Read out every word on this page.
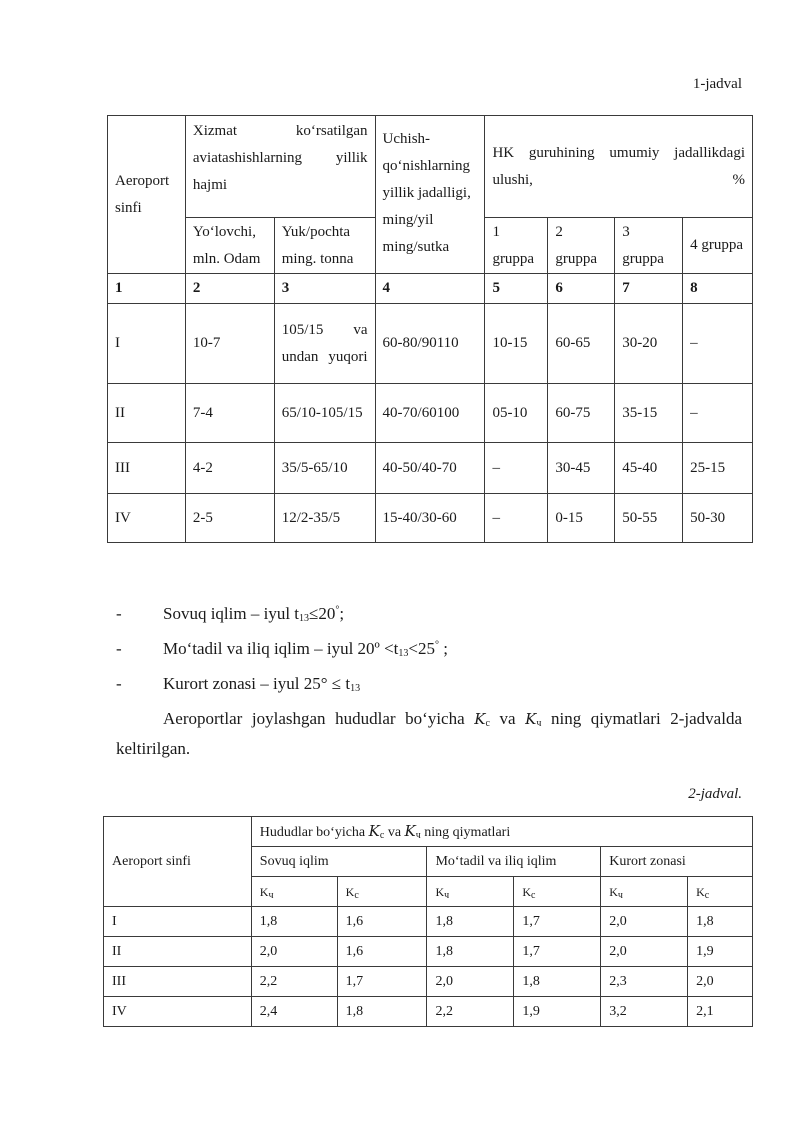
1-jadval
Aeroport sinfi	Xizmat ko‘rsatilgan aviatashishlarning yillik hajmi		Uchish-qo‘nishlarning yillik jadalligi, ming/yil ming/sutka	HK guruhining umumiy jadallikdagi ulushi, %			
	Yo‘lovchi, mln. Odam	Yuk/pochta ming. tonna		1 gruppa	2 gruppa	3 gruppa	4 gruppa
1	2	3	4	5	6	7	8
I	10-7	105/15 va undan yuqori	60-80/90110	10-15	60-65	30-20	–
II	7-4	65/10-105/15	40-70/60100	05-10	60-75	35-15	–
III	4-2	35/5-65/10	40-50/40-70	–	30-45	45-40	25-15
IV	2-5	12/2-35/5	15-40/30-60	–	0-15	50-55	50-30
-	Sovuq iqlim – iyul $t_{13}\le 20^\circ$;
-	Mo‘tadil va iliq iqlim – iyul 20º $<t_{13}<25^\circ$ ;
-	Kurort zonasi – iyul $25^\circ \le t_{13}$
Aeroportlar joylashgan hududlar bo‘yicha $K_c$ va $K_ч$ ning qiymatlari 2-jadvalda keltirilgan.
2-jadval.
Aeroport sinfi	Hududlar bo‘yicha $K_c$ va $K_ч$ ning qiymatlari					
	Sovuq iqlim		Mo‘tadil va iliq iqlim		Kurort zonasi	
	$K_ч$	$K_c$	$K_ч$	$K_c$	$K_ч$	$K_c$
I	1,8	1,6	1,8	1,7	2,0	1,8
II	2,0	1,6	1,8	1,7	2,0	1,9
III	2,2	1,7	2,0	1,8	2,3	2,0
IV	2,4	1,8	2,2	1,9	3,2	2,1
